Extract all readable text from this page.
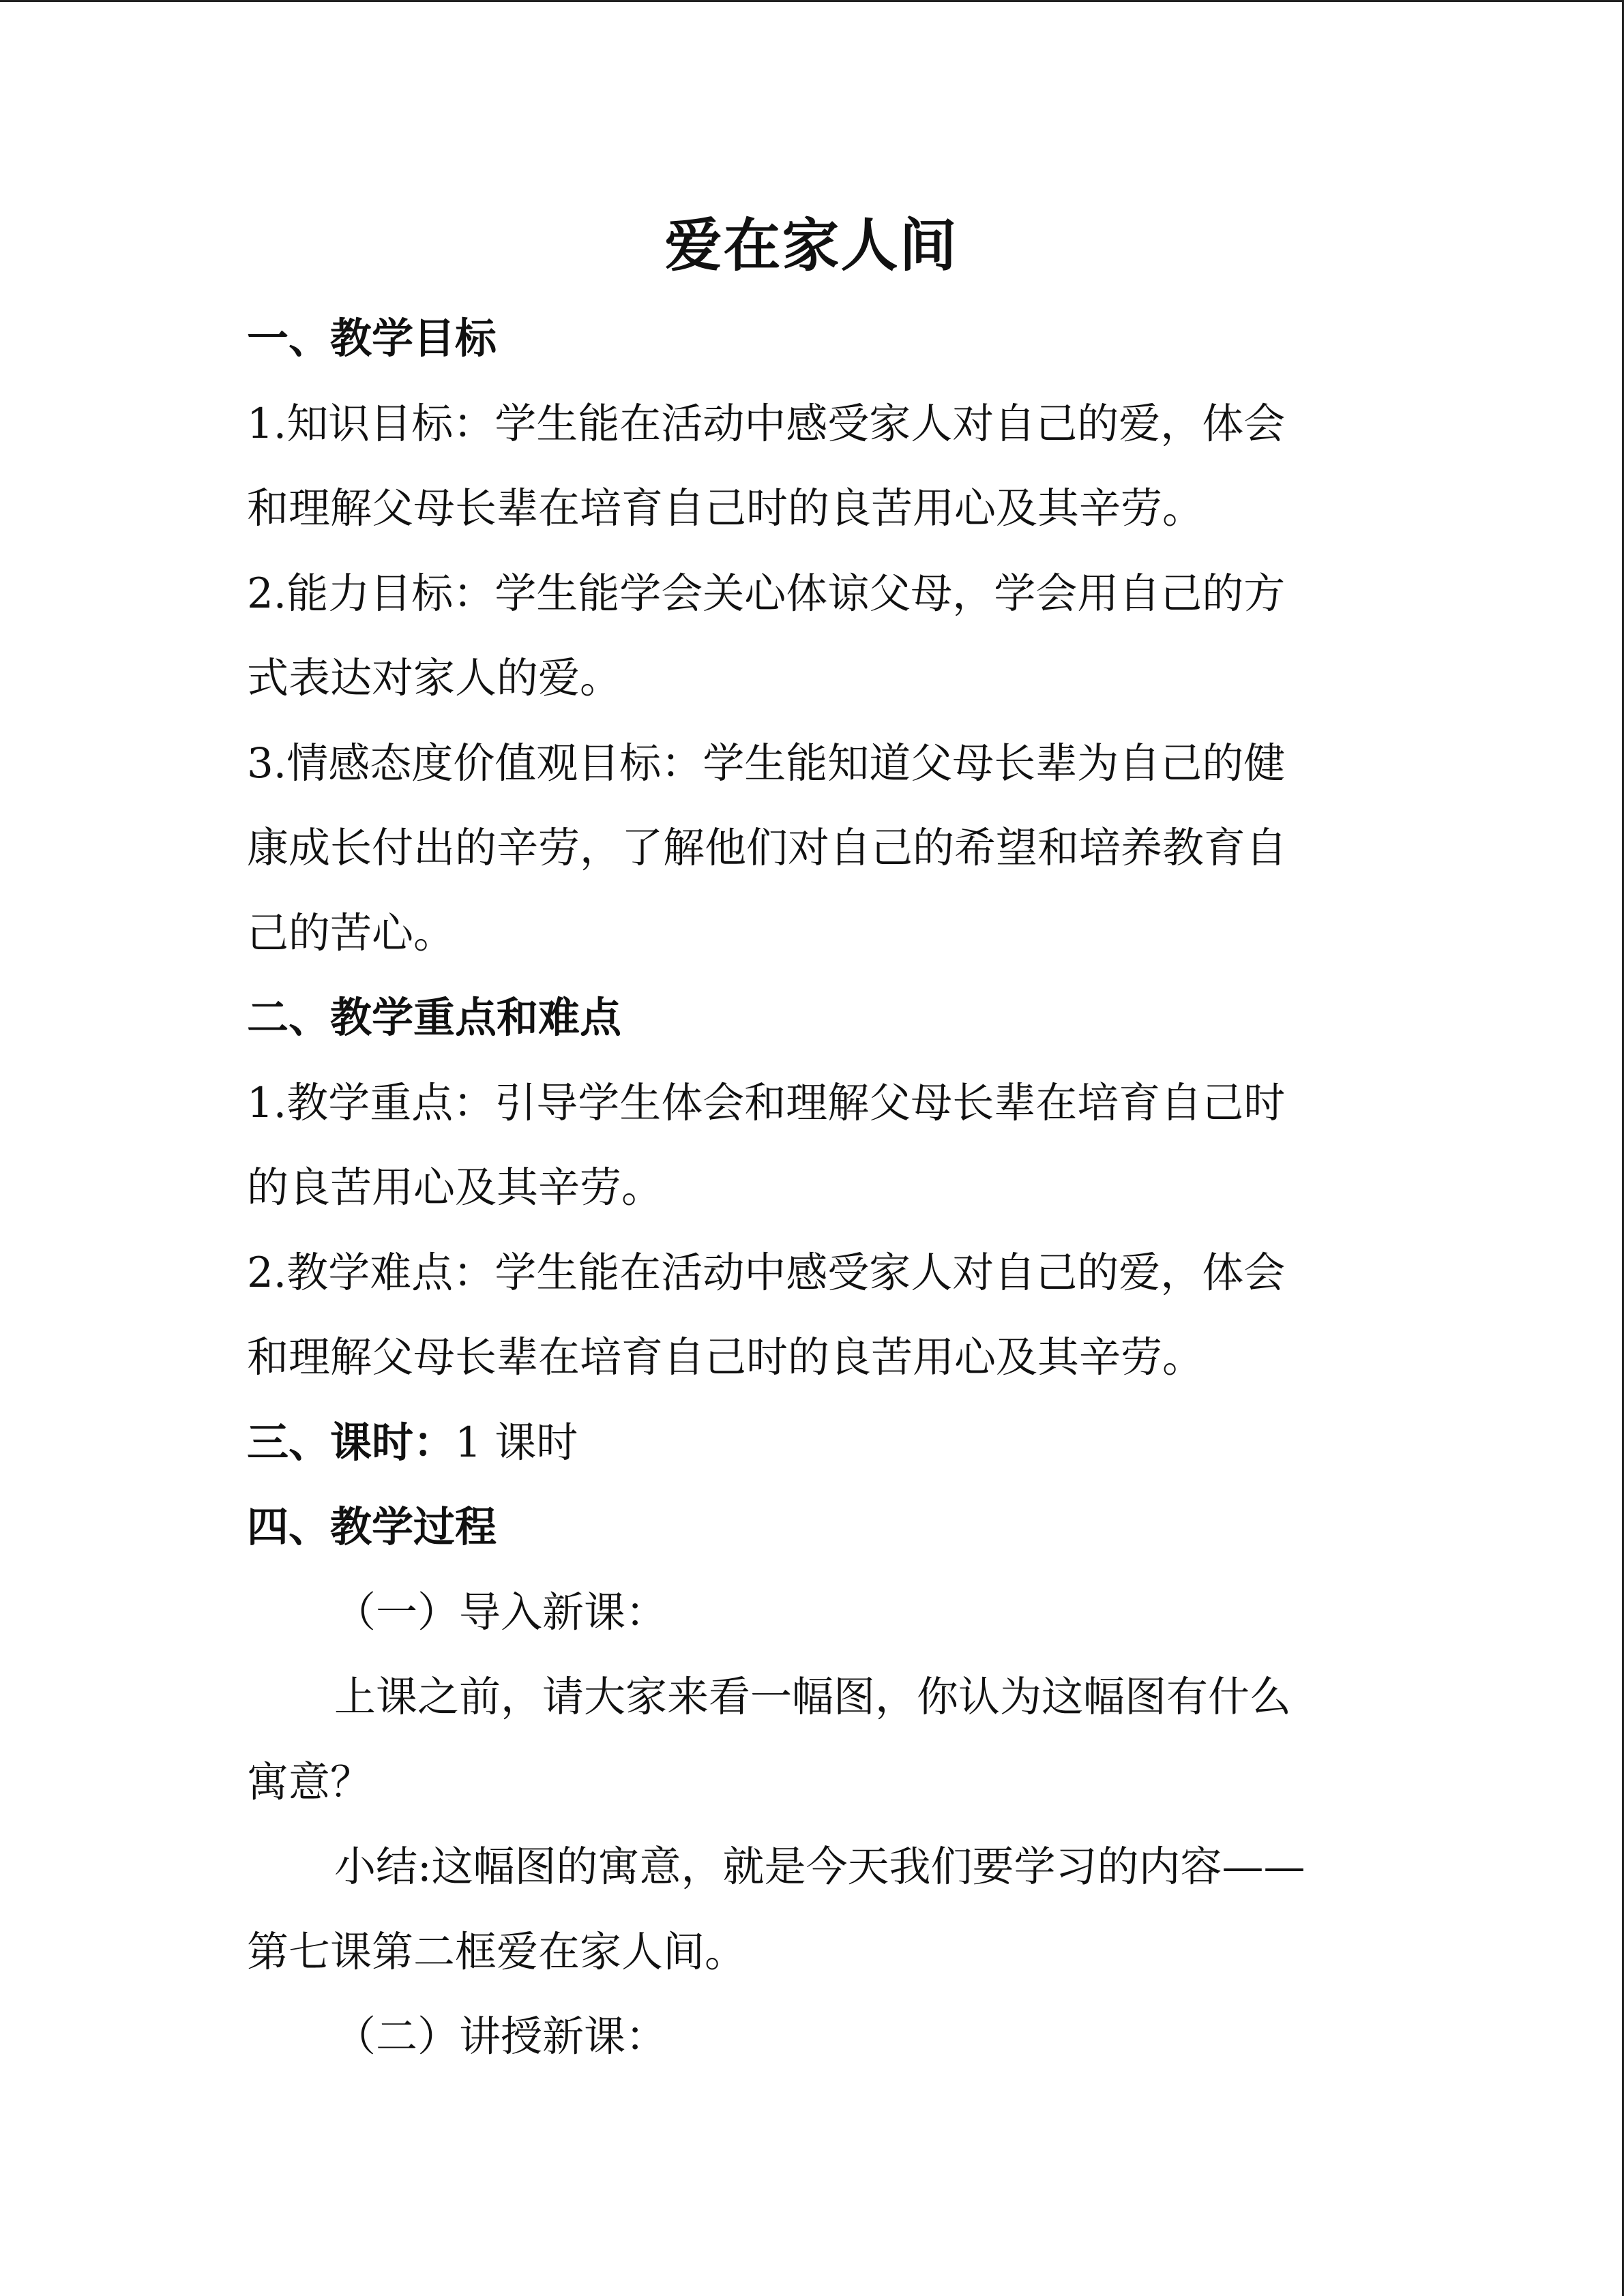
爱在家人间
一、教学目标
1.知识目标：学生能在活动中感受家人对自己的爱，体会
和理解父母长辈在培育自己时的良苦用心及其辛劳。
2.能力目标：学生能学会关心体谅父母，学会用自己的方
式表达对家人的爱。
3.情感态度价值观目标：学生能知道父母长辈为自己的健
康成长付出的辛劳，了解他们对自己的希望和培养教育自
己的苦心。
二、教学重点和难点
1.教学重点：引导学生体会和理解父母长辈在培育自己时
的良苦用心及其辛劳。
2.教学难点：学生能在活动中感受家人对自己的爱，体会
和理解父母长辈在培育自己时的良苦用心及其辛劳。
三、课时：1 课时
四、教学过程
（一）导入新课：
上课之前，请大家来看一幅图，你认为这幅图有什么
寓意？
小结:这幅图的寓意，就是今天我们要学习的内容——
第七课第二框爱在家人间。
（二）讲授新课：
